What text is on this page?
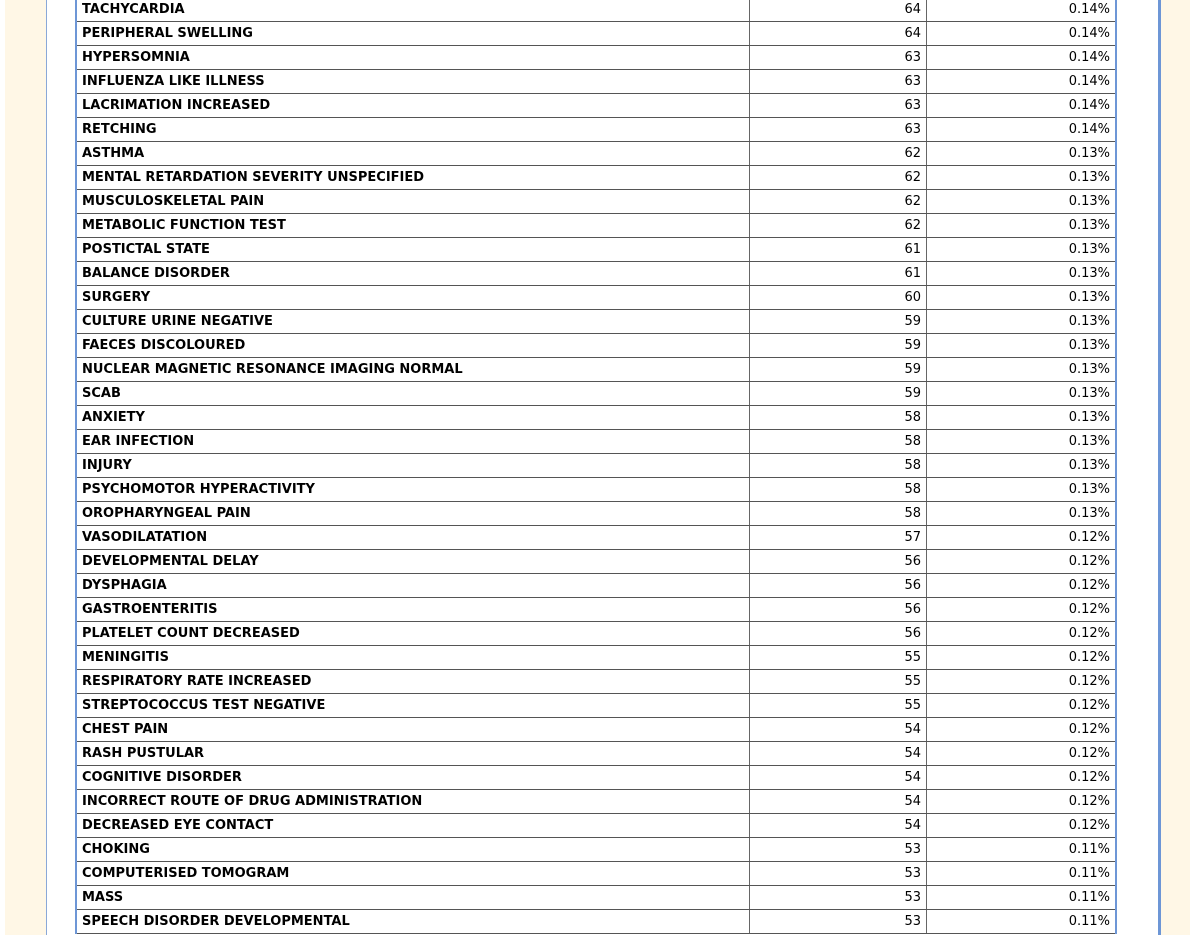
TACHYCARDIA	64	0.14%
PERIPHERAL SWELLING	64	0.14%
HYPERSOMNIA	63	0.14%
INFLUENZA LIKE ILLNESS	63	0.14%
LACRIMATION INCREASED	63	0.14%
RETCHING	63	0.14%
ASTHMA	62	0.13%
MENTAL RETARDATION SEVERITY UNSPECIFIED	62	0.13%
MUSCULOSKELETAL PAIN	62	0.13%
METABOLIC FUNCTION TEST	62	0.13%
POSTICTAL STATE	61	0.13%
BALANCE DISORDER	61	0.13%
SURGERY	60	0.13%
CULTURE URINE NEGATIVE	59	0.13%
FAECES DISCOLOURED	59	0.13%
NUCLEAR MAGNETIC RESONANCE IMAGING NORMAL	59	0.13%
SCAB	59	0.13%
ANXIETY	58	0.13%
EAR INFECTION	58	0.13%
INJURY	58	0.13%
PSYCHOMOTOR HYPERACTIVITY	58	0.13%
OROPHARYNGEAL PAIN	58	0.13%
VASODILATATION	57	0.12%
DEVELOPMENTAL DELAY	56	0.12%
DYSPHAGIA	56	0.12%
GASTROENTERITIS	56	0.12%
PLATELET COUNT DECREASED	56	0.12%
MENINGITIS	55	0.12%
RESPIRATORY RATE INCREASED	55	0.12%
STREPTOCOCCUS TEST NEGATIVE	55	0.12%
CHEST PAIN	54	0.12%
RASH PUSTULAR	54	0.12%
COGNITIVE DISORDER	54	0.12%
INCORRECT ROUTE OF DRUG ADMINISTRATION	54	0.12%
DECREASED EYE CONTACT	54	0.12%
CHOKING	53	0.11%
COMPUTERISED TOMOGRAM	53	0.11%
MASS	53	0.11%
SPEECH DISORDER DEVELOPMENTAL	53	0.11%
